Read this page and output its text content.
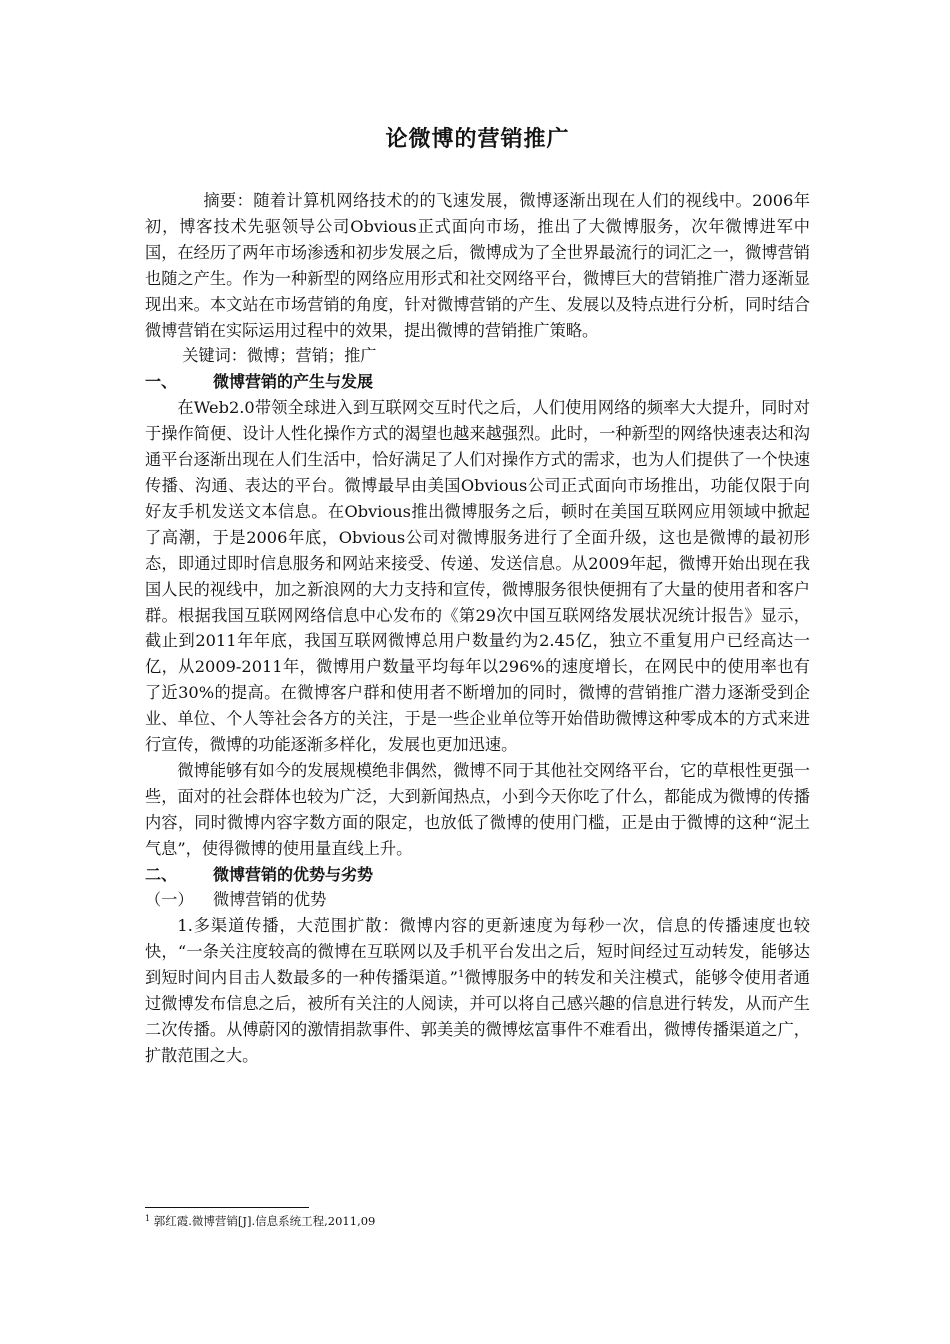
论微博的营销推广

摘要：随着计算机网络技术的的飞速发展，微博逐渐出现在人们的视线中。2006年初，博客技术先驱领导公司Obvious正式面向市场，推出了大微博服务，次年微博进军中国，在经历了两年市场渗透和初步发展之后，微博成为了全世界最流行的词汇之一，微博营销也随之产生。作为一种新型的网络应用形式和社交网络平台，微博巨大的营销推广潜力逐渐显现出来。本文站在市场营销的角度，针对微博营销的产生、发展以及特点进行分析，同时结合微博营销在实际运用过程中的效果，提出微博的营销推广策略。

关键词：微博；营销；推广

一、 微博营销的产生与发展

在Web2.0带领全球进入到互联网交互时代之后，人们使用网络的频率大大提升，同时对于操作简便、设计人性化操作方式的渴望也越来越强烈。此时，一种新型的网络快速表达和沟通平台逐渐出现在人们生活中，恰好满足了人们对操作方式的需求，也为人们提供了一个快速传播、沟通、表达的平台。微博最早由美国Obvious公司正式面向市场推出，功能仅限于向好友手机发送文本信息。在Obvious推出微博服务之后，顿时在美国互联网应用领域中掀起了高潮，于是2006年底，Obvious公司对微博服务进行了全面升级，这也是微博的最初形态，即通过即时信息服务和网站来接受、传递、发送信息。从2009年起，微博开始出现在我国人民的视线中，加之新浪网的大力支持和宣传，微博服务很快便拥有了大量的使用者和客户群。根据我国互联网网络信息中心发布的《第29次中国互联网络发展状况统计报告》显示，截止到2011年年底，我国互联网微博总用户数量约为2.45亿，独立不重复用户已经高达一亿，从2009-2011年，微博用户数量平均每年以296%的速度增长，在网民中的使用率也有了近30%的提高。在微博客户群和使用者不断增加的同时，微博的营销推广潜力逐渐受到企业、单位、个人等社会各方的关注，于是一些企业单位等开始借助微博这种零成本的方式来进行宣传，微博的功能逐渐多样化，发展也更加迅速。

微博能够有如今的发展规模绝非偶然，微博不同于其他社交网络平台，它的草根性更强一些，面对的社会群体也较为广泛，大到新闻热点，小到今天你吃了什么，都能成为微博的传播内容，同时微博内容字数方面的限定，也放低了微博的使用门槛，正是由于微博的这种“泥土气息”，使得微博的使用量直线上升。

二、 微博营销的优势与劣势

（一） 微博营销的优势

1.多渠道传播，大范围扩散：微博内容的更新速度为每秒一次，信息的传播速度也较快，“一条关注度较高的微博在互联网以及手机平台发出之后，短时间经过互动转发，能够达到短时间内目击人数最多的一种传播渠道。”$^1$微博服务中的转发和关注模式，能够令使用者通过微博发布信息之后，被所有关注的人阅读，并可以将自己感兴趣的信息进行转发，从而产生二次传播。从傅蔚冈的激情捐款事件、郭美美的微博炫富事件不难看出，微博传播渠道之广，扩散范围之大。

$^1$ 郭红霞.微博营销[J].信息系统工程,2011,09
